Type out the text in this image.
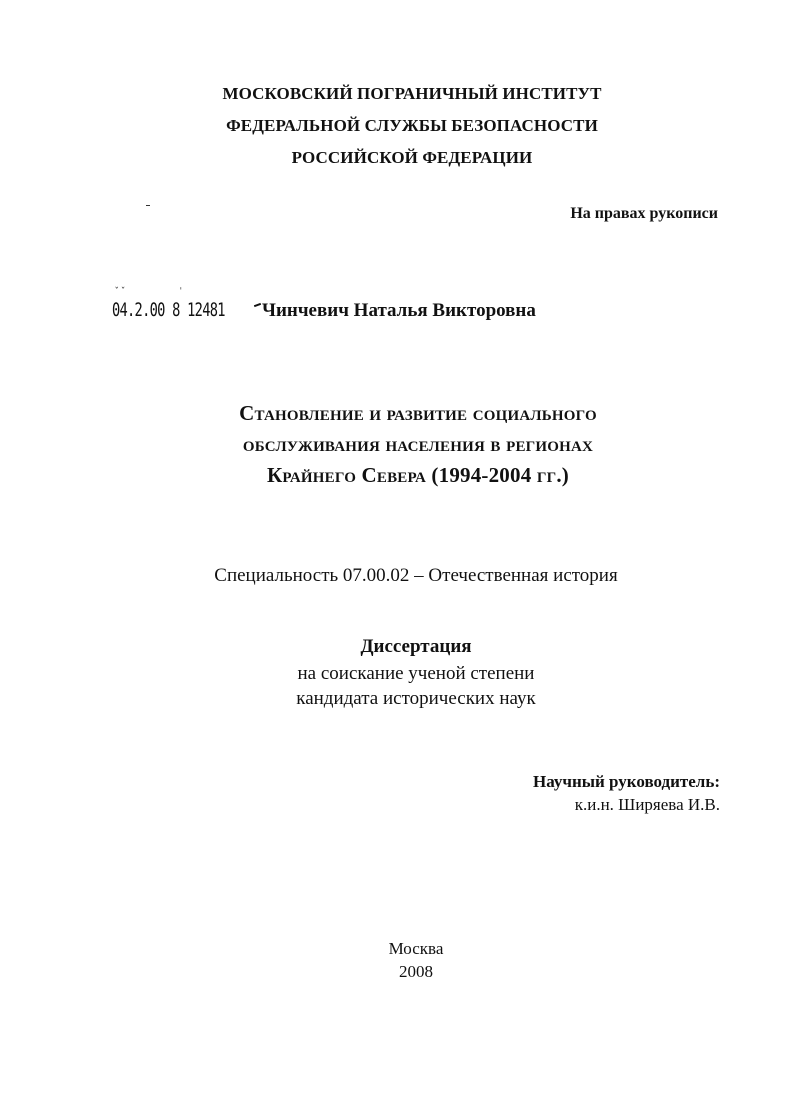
МОСКОВСКИЙ ПОГРАНИЧНЫЙ ИНСТИТУТ
ФЕДЕРАЛЬНОЙ СЛУЖБЫ БЕЗОПАСНОСТИ
РОССИЙСКОЙ ФЕДЕРАЦИИ
На правах рукописи
ˇˇ        ˈ
04.2.00 8 12481 Чинчевич Наталья Викторовна
Становление и развитие социального
обслуживания населения в регионах
Крайнего Севера (1994-2004 гг.)
Специальность 07.00.02 – Отечественная история
Диссертация
на соискание ученой степени
кандидата исторических наук
Научный руководитель:
к.и.н. Ширяева И.В.
Москва
2008
